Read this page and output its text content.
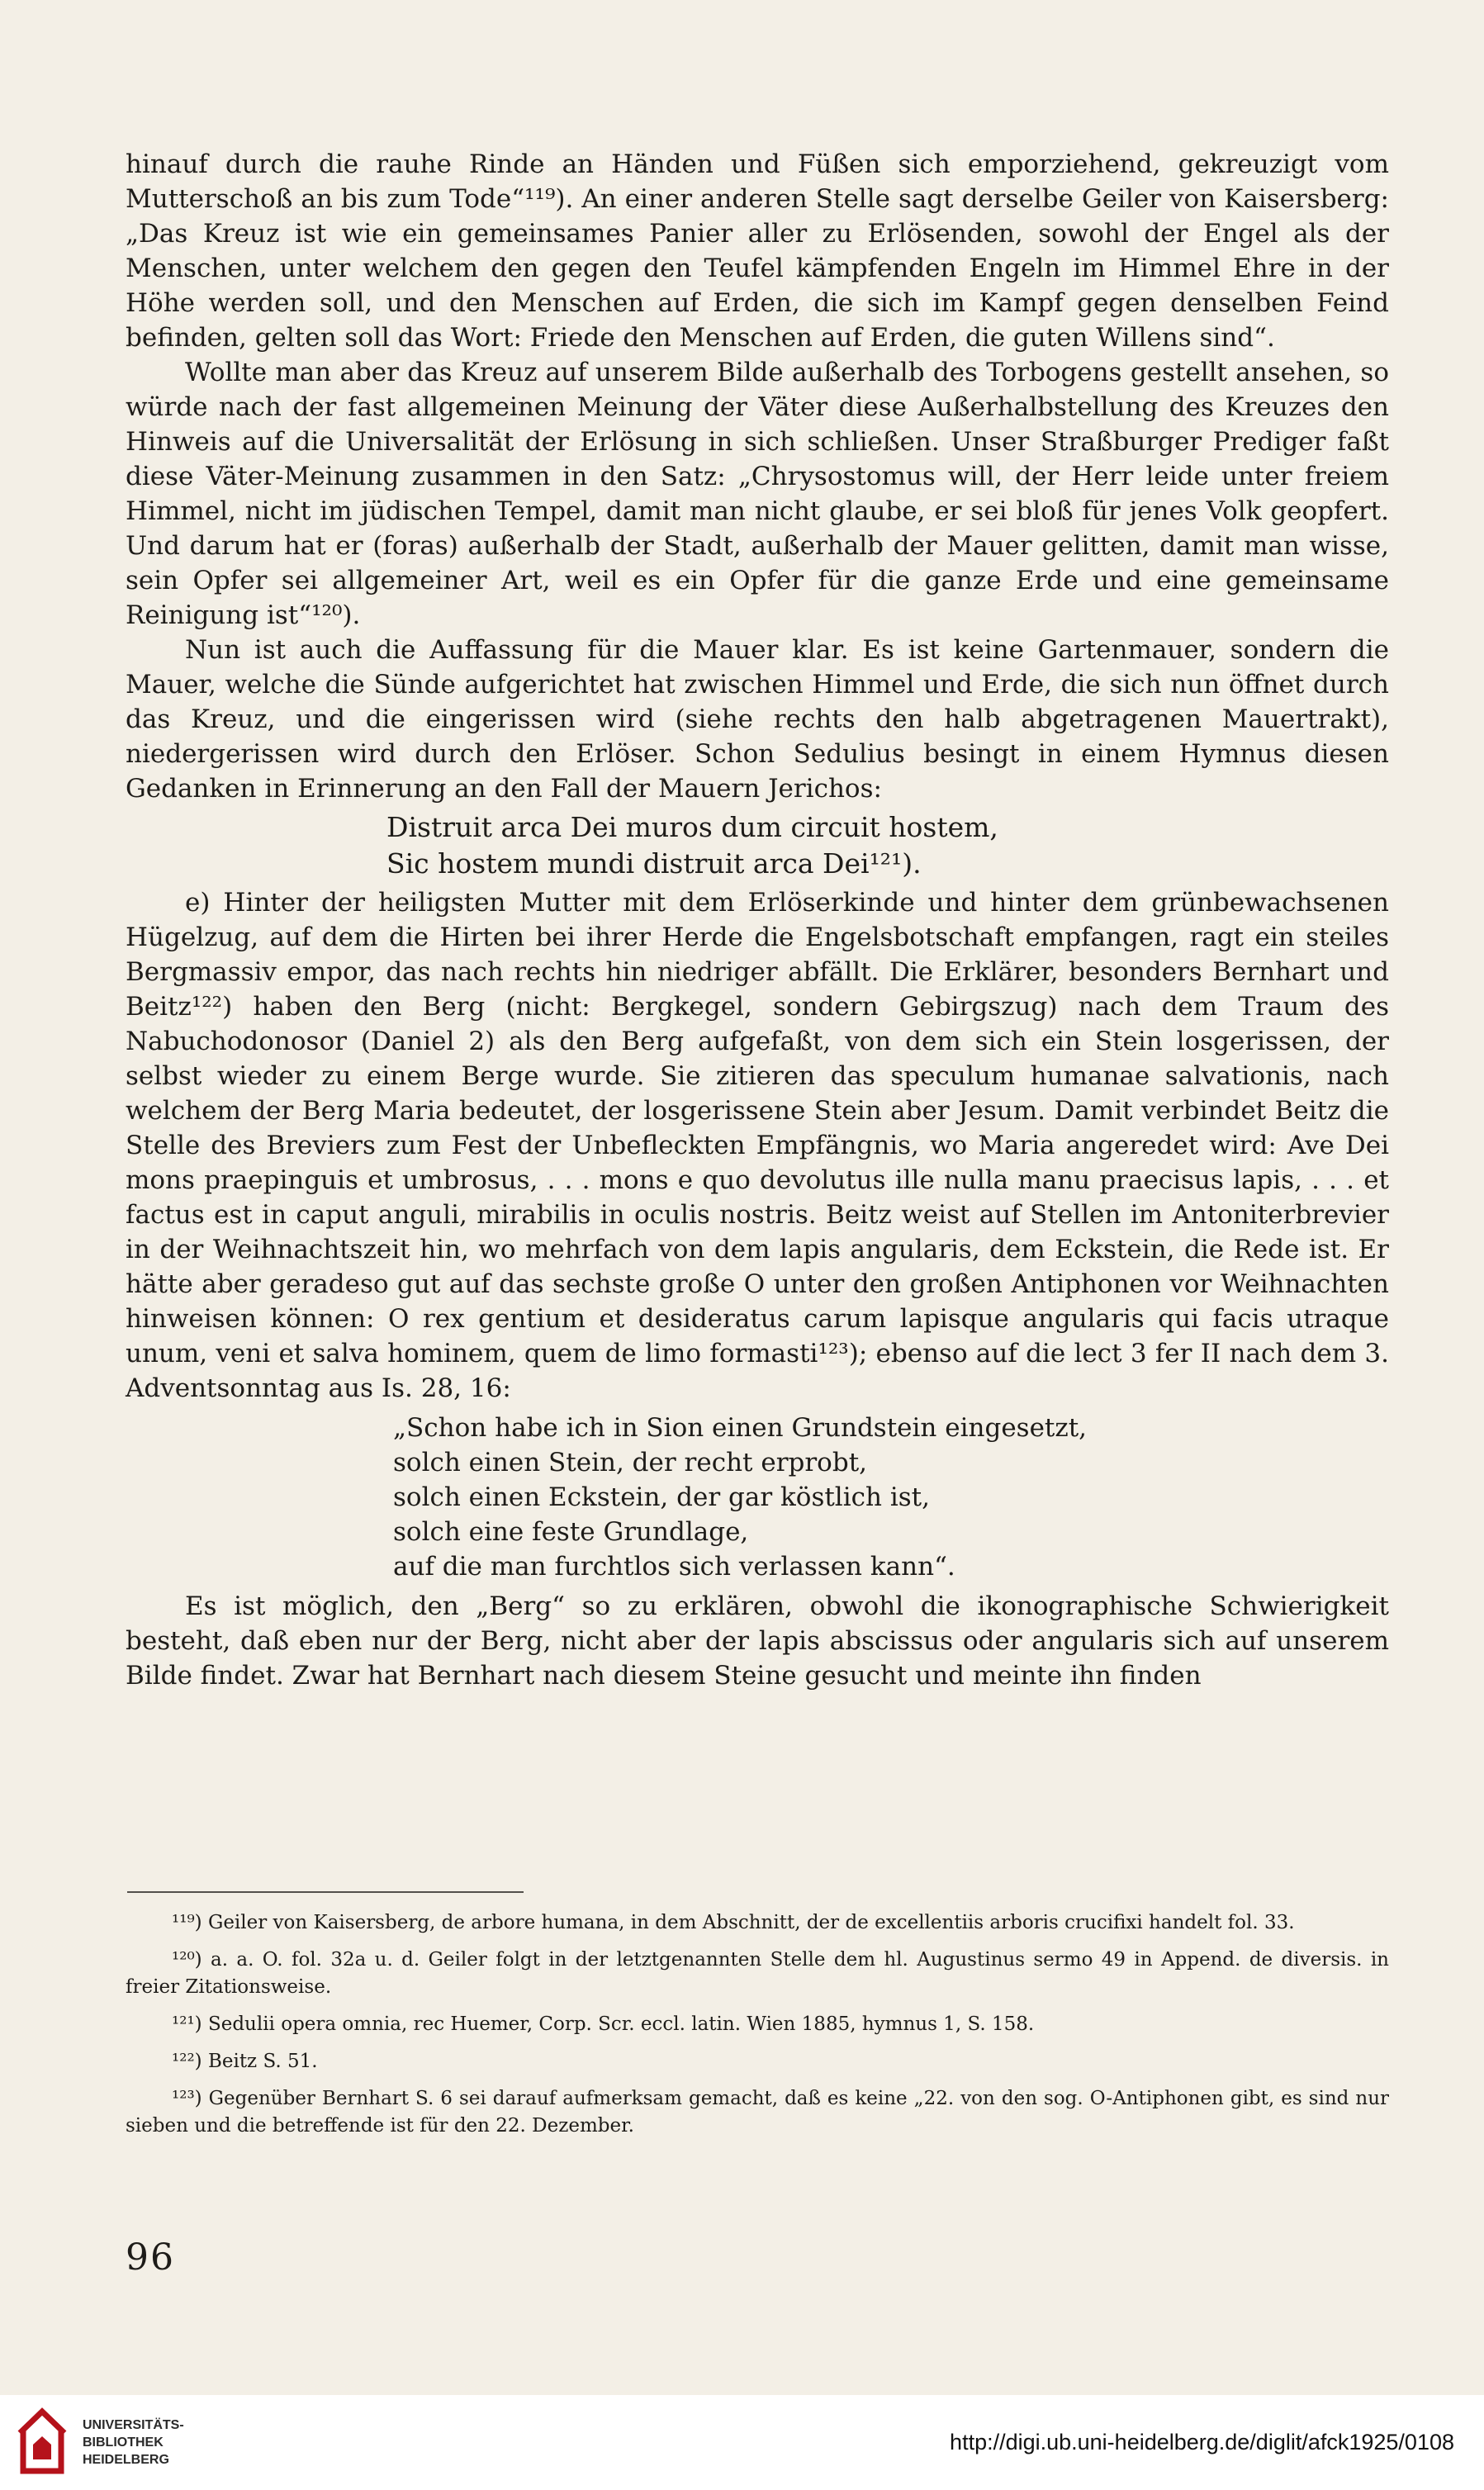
hinauf durch die rauhe Rinde an Händen und Füßen sich emporziehend, gekreuzigt vom Mutterschoß an bis zum Tode“¹¹⁹). An einer anderen Stelle sagt derselbe Geiler von Kaisersberg: „Das Kreuz ist wie ein gemeinsames Panier aller zu Erlösenden, sowohl der Engel als der Menschen, unter welchem den gegen den Teufel kämpfenden Engeln im Himmel Ehre in der Höhe werden soll, und den Menschen auf Erden, die sich im Kampf gegen denselben Feind befinden, gelten soll das Wort: Friede den Menschen auf Erden, die guten Willens sind“.

Wollte man aber das Kreuz auf unserem Bilde außerhalb des Torbogens gestellt ansehen, so würde nach der fast allgemeinen Meinung der Väter diese Außerhalbstellung des Kreuzes den Hinweis auf die Universalität der Erlösung in sich schließen. Unser Straßburger Prediger faßt diese Väter-Meinung zusammen in den Satz: „Chrysostomus will, der Herr leide unter freiem Himmel, nicht im jüdischen Tempel, damit man nicht glaube, er sei bloß für jenes Volk geopfert. Und darum hat er (foras) außerhalb der Stadt, außerhalb der Mauer gelitten, damit man wisse, sein Opfer sei allgemeiner Art, weil es ein Opfer für die ganze Erde und eine gemeinsame Reinigung ist“¹²⁰).

Nun ist auch die Auffassung für die Mauer klar. Es ist keine Gartenmauer, sondern die Mauer, welche die Sünde aufgerichtet hat zwischen Himmel und Erde, die sich nun öffnet durch das Kreuz, und die eingerissen wird (siehe rechts den halb abgetragenen Mauertrakt), niedergerissen wird durch den Erlöser. Schon Sedulius besingt in einem Hymnus diesen Gedanken in Erinnerung an den Fall der Mauern Jerichos:

Distruit arca Dei muros dum circuit hostem,
Sic hostem mundi distruit arca Dei¹²¹).

e) Hinter der heiligsten Mutter mit dem Erlöserkinde und hinter dem grünbewachsenen Hügelzug, auf dem die Hirten bei ihrer Herde die Engelsbotschaft empfangen, ragt ein steiles Bergmassiv empor, das nach rechts hin niedriger abfällt. Die Erklärer, besonders Bernhart und Beitz¹²²) haben den Berg (nicht: Bergkegel, sondern Gebirgszug) nach dem Traum des Nabuchodonosor (Daniel 2) als den Berg aufgefaßt, von dem sich ein Stein losgerissen, der selbst wieder zu einem Berge wurde. Sie zitieren das speculum humanae salvationis, nach welchem der Berg Maria bedeutet, der losgerissene Stein aber Jesum. Damit verbindet Beitz die Stelle des Breviers zum Fest der Unbefleckten Empfängnis, wo Maria angeredet wird: Ave Dei mons praepinguis et umbrosus, . . . mons e quo devolutus ille nulla manu praecisus lapis, . . . et factus est in caput anguli, mirabilis in oculis nostris. Beitz weist auf Stellen im Antoniterbrevier in der Weihnachtszeit hin, wo mehrfach von dem lapis angularis, dem Eckstein, die Rede ist. Er hätte aber geradeso gut auf das sechste große O unter den großen Antiphonen vor Weihnachten hinweisen können: O rex gentium et desideratus carum lapisque angularis qui facis utraque unum, veni et salva hominem, quem de limo formasti¹²³); ebenso auf die lect 3 fer II nach dem 3. Adventsonntag aus Is. 28, 16:

„Schon habe ich in Sion einen Grundstein eingesetzt,
solch einen Stein, der recht erprobt,
solch einen Eckstein, der gar köstlich ist,
solch eine feste Grundlage,
auf die man furchtlos sich verlassen kann“.

Es ist möglich, den „Berg“ so zu erklären, obwohl die ikonographische Schwierigkeit besteht, daß eben nur der Berg, nicht aber der lapis abscissus oder angularis sich auf unserem Bilde findet. Zwar hat Bernhart nach diesem Steine gesucht und meinte ihn finden

¹¹⁹) Geiler von Kaisersberg, de arbore humana, in dem Abschnitt, der de excellentiis arboris crucifixi handelt fol. 33.

¹²⁰) a. a. O. fol. 32a u. d. Geiler folgt in der letztgenannten Stelle dem hl. Augustinus sermo 49 in Append. de diversis. in freier Zitationsweise.

¹²¹) Sedulii opera omnia, rec Huemer, Corp. Scr. eccl. latin. Wien 1885, hymnus 1, S. 158.

¹²²) Beitz S. 51.

¹²³) Gegenüber Bernhart S. 6 sei darauf aufmerksam gemacht, daß es keine „22. von den sog. O-Antiphonen gibt, es sind nur sieben und die betreffende ist für den 22. Dezember.

96
UNIVERSITÄTS-
BIBLIOTHEK
HEIDELBERG
http://digi.ub.uni-heidelberg.de/diglit/afck1925/0108
